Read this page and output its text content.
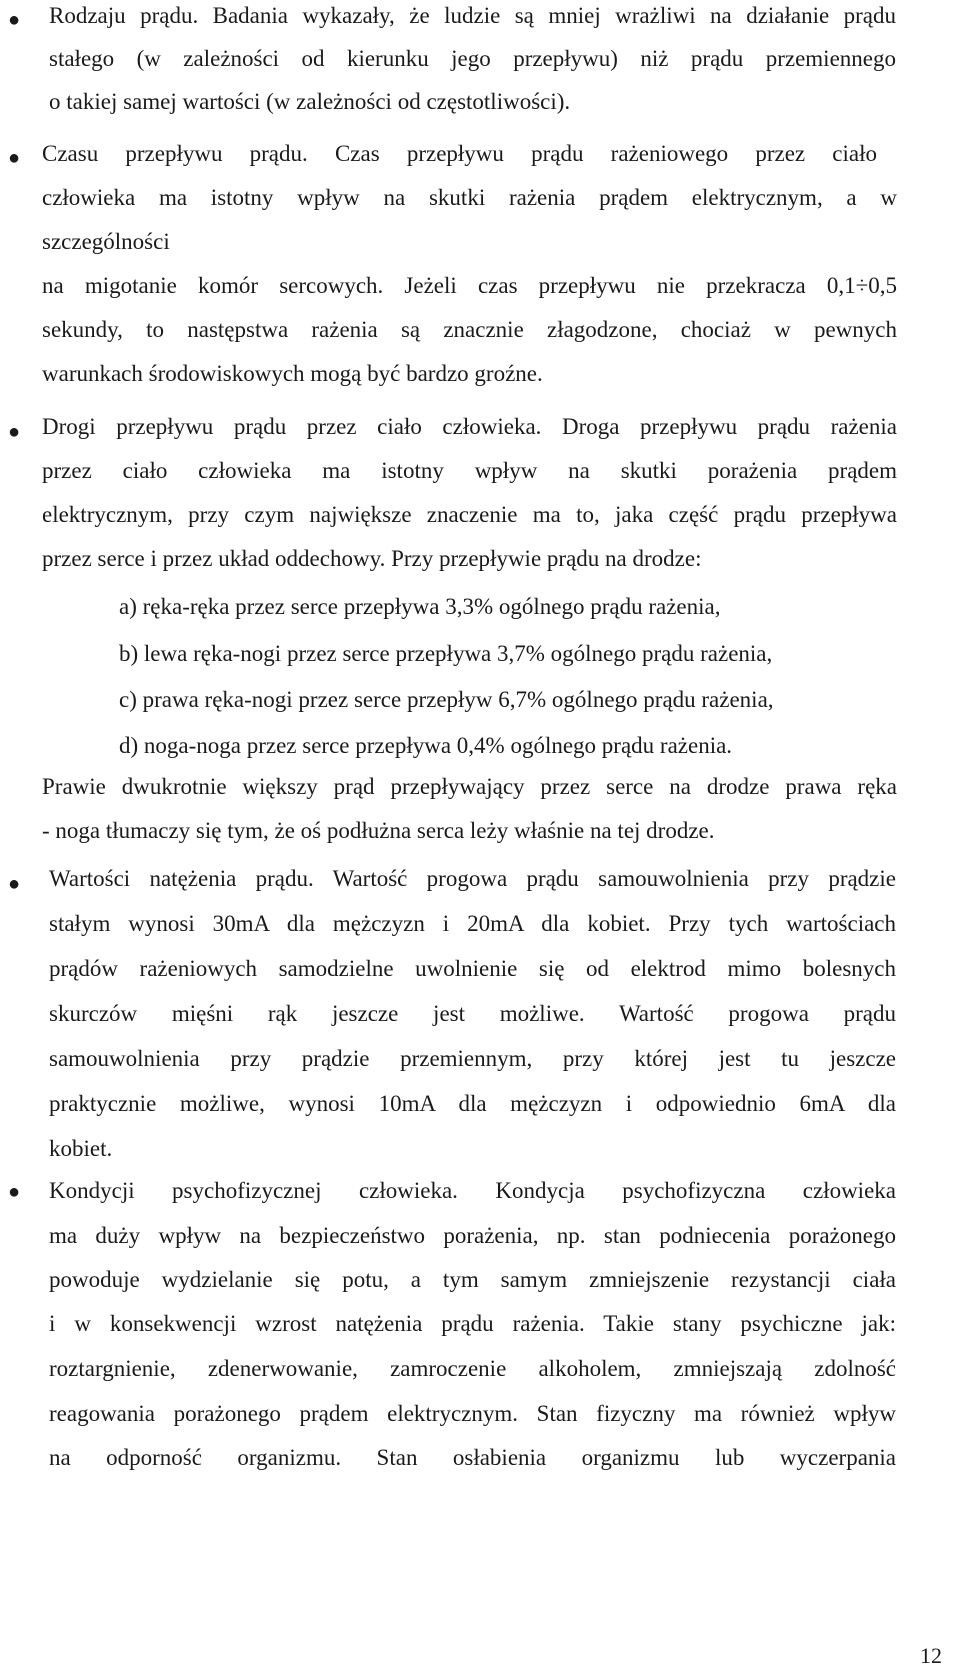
●
●
●
●
●
Rodzaju prądu. Badania wykazały, że ludzie są mniej wrażliwi na działanie prądu
stałego (w zależności od kierunku jego przepływu) niż prądu przemiennego
o takiej samej wartości (w zależności od częstotliwości).
Czasu przepływu prądu. Czas przepływu prądu rażeniowego przez ciało
człowieka ma istotny wpływ na skutki rażenia prądem elektrycznym, a w
szczególności
na migotanie komór sercowych. Jeżeli czas przepływu nie przekracza 0,1÷0,5
sekundy, to następstwa rażenia są znacznie złagodzone, chociaż w pewnych
warunkach środowiskowych mogą być bardzo groźne.
Drogi przepływu prądu przez ciało człowieka. Droga przepływu prądu rażenia
przez ciało człowieka ma istotny wpływ na skutki porażenia prądem
elektrycznym, przy czym największe znaczenie ma to, jaka część prądu przepływa
przez serce i przez układ oddechowy. Przy przepływie prądu na drodze:
a) ręka-ręka przez serce przepływa 3,3% ogólnego prądu rażenia,
b) lewa ręka-nogi przez serce przepływa 3,7% ogólnego prądu rażenia,
c) prawa ręka-nogi przez serce przepływ 6,7% ogólnego prądu rażenia,
d) noga-noga przez serce przepływa 0,4% ogólnego prądu rażenia.
Prawie dwukrotnie większy prąd przepływający przez serce na drodze prawa ręka
- noga tłumaczy się tym, że oś podłużna serca leży właśnie na tej drodze.
Wartości natężenia prądu. Wartość progowa prądu samouwolnienia przy prądzie
stałym wynosi 30mA dla mężczyzn i 20mA dla kobiet. Przy tych wartościach
prądów rażeniowych samodzielne uwolnienie się od elektrod mimo bolesnych
skurczów mięśni rąk jeszcze jest możliwe. Wartość progowa prądu
samouwolnienia przy prądzie przemiennym, przy której jest tu jeszcze
praktycznie możliwe, wynosi 10mA dla mężczyzn i odpowiednio 6mA dla
kobiet.
Kondycji psychofizycznej człowieka. Kondycja psychofizyczna człowieka
ma duży wpływ na bezpieczeństwo porażenia, np. stan podniecenia porażonego
powoduje wydzielanie się potu, a tym samym zmniejszenie rezystancji ciała
i w konsekwencji wzrost natężenia prądu rażenia. Takie stany psychiczne jak:
roztargnienie, zdenerwowanie, zamroczenie alkoholem, zmniejszają zdolność
reagowania porażonego prądem elektrycznym. Stan fizyczny ma również wpływ
na odporność organizmu. Stan osłabienia organizmu lub wyczerpania
12
